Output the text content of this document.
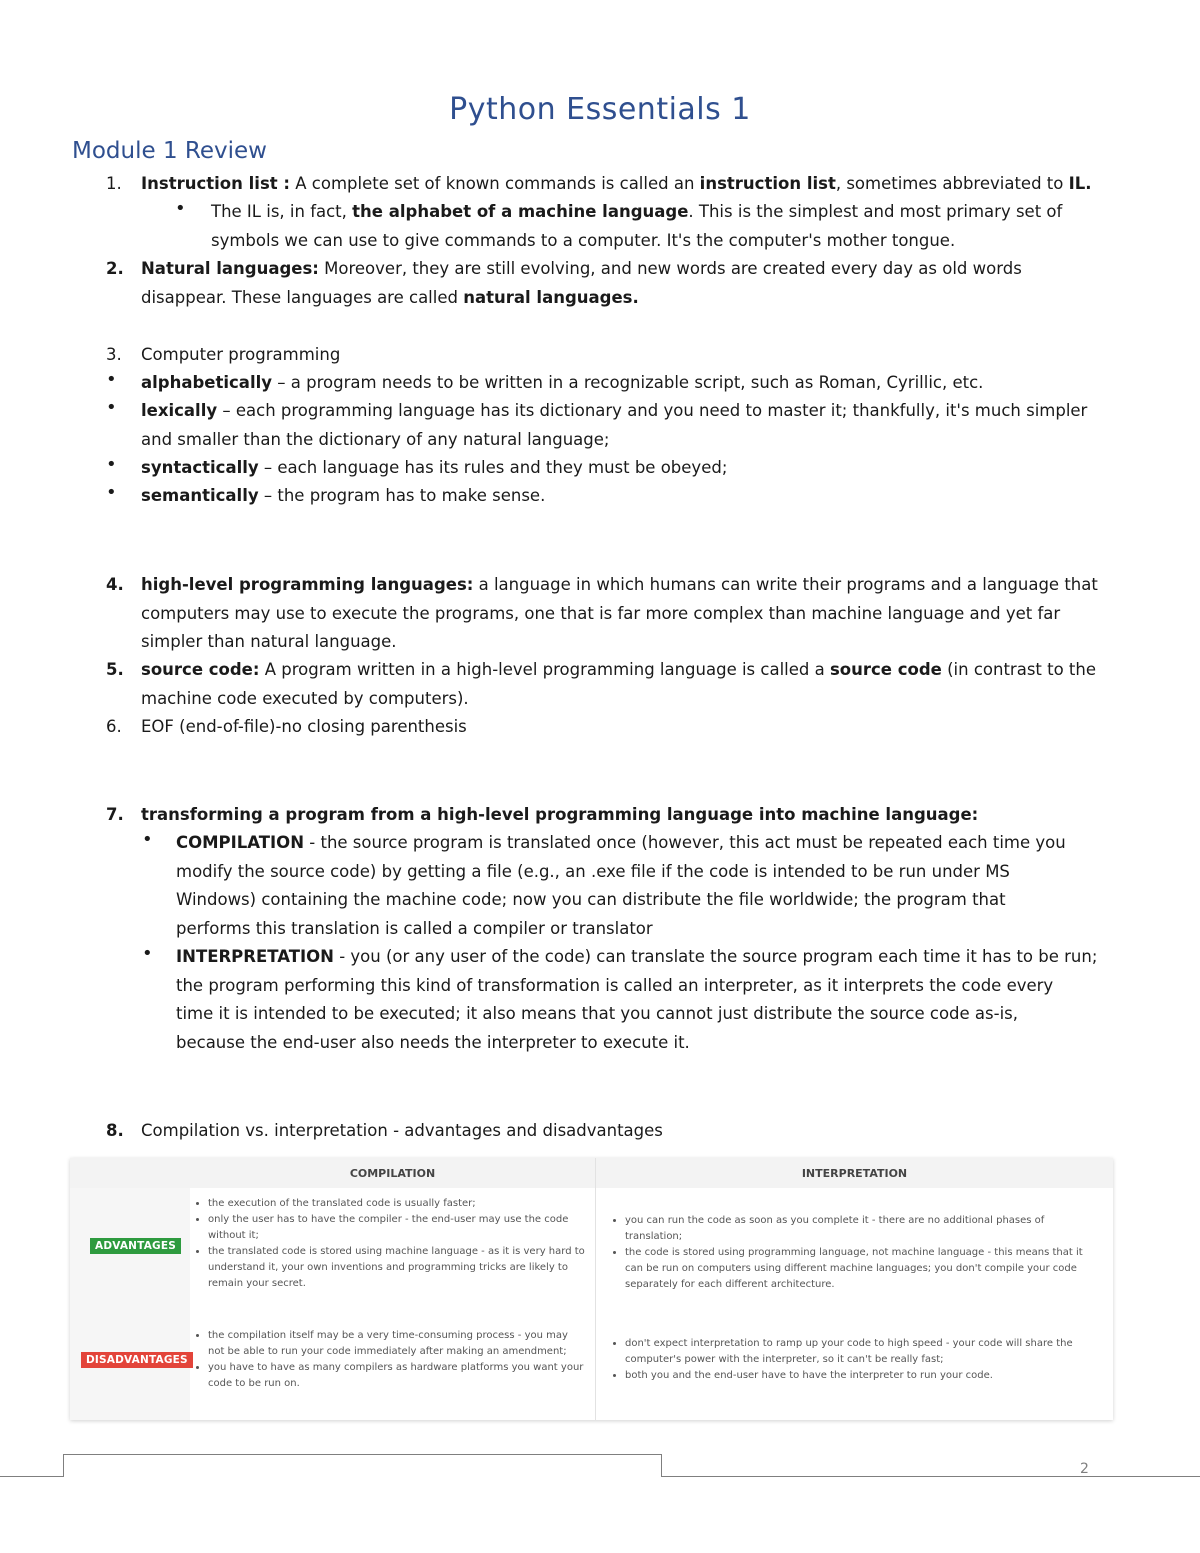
Python Essentials 1
Module 1 Review
1. Instruction list : A complete set of known commands is called an instruction list, sometimes abbreviated to IL.
• The IL is, in fact, the alphabet of a machine language. This is the simplest and most primary set of
symbols we can use to give commands to a computer. It's the computer's mother tongue.
2. Natural languages: Moreover, they are still evolving, and new words are created every day as old words
disappear. These languages are called natural languages.
3. Computer programming
• alphabetically – a program needs to be written in a recognizable script, such as Roman, Cyrillic, etc.
• lexically – each programming language has its dictionary and you need to master it; thankfully, it's much simpler
and smaller than the dictionary of any natural language;
• syntactically – each language has its rules and they must be obeyed;
• semantically – the program has to make sense.
4. high-level programming languages: a language in which humans can write their programs and a language that
computers may use to execute the programs, one that is far more complex than machine language and yet far
simpler than natural language.
5. source code: A program written in a high-level programming language is called a source code (in contrast to the
machine code executed by computers).
6. EOF (end-of-file)-no closing parenthesis
7. transforming a program from a high-level programming language into machine language:
• COMPILATION - the source program is translated once (however, this act must be repeated each time you
modify the source code) by getting a file (e.g., an .exe file if the code is intended to be run under MS
Windows) containing the machine code; now you can distribute the file worldwide; the program that
performs this translation is called a compiler or translator
• INTERPRETATION - you (or any user of the code) can translate the source program each time it has to be run;
the program performing this kind of transformation is called an interpreter, as it interprets the code every
time it is intended to be executed; it also means that you cannot just distribute the source code as-is,
because the end-user also needs the interpreter to execute it.
8. Compilation vs. interpretation - advantages and disadvantages
COMPILATION	INTERPRETATION
ADVANTAGES
• the execution of the translated code is usually faster;
• only the user has to have the compiler - the end-user may use the code without it;
• the translated code is stored using machine language - as it is very hard to understand it, your own inventions and programming tricks are likely to remain your secret.
• you can run the code as soon as you complete it - there are no additional phases of translation;
• the code is stored using programming language, not machine language - this means that it can be run on computers using different machine languages; you don't compile your code separately for each different architecture.
DISADVANTAGES
• the compilation itself may be a very time-consuming process - you may not be able to run your code immediately after making an amendment;
• you have to have as many compilers as hardware platforms you want your code to be run on.
• don't expect interpretation to ramp up your code to high speed - your code will share the computer's power with the interpreter, so it can't be really fast;
• both you and the end-user have to have the interpreter to run your code.
2
